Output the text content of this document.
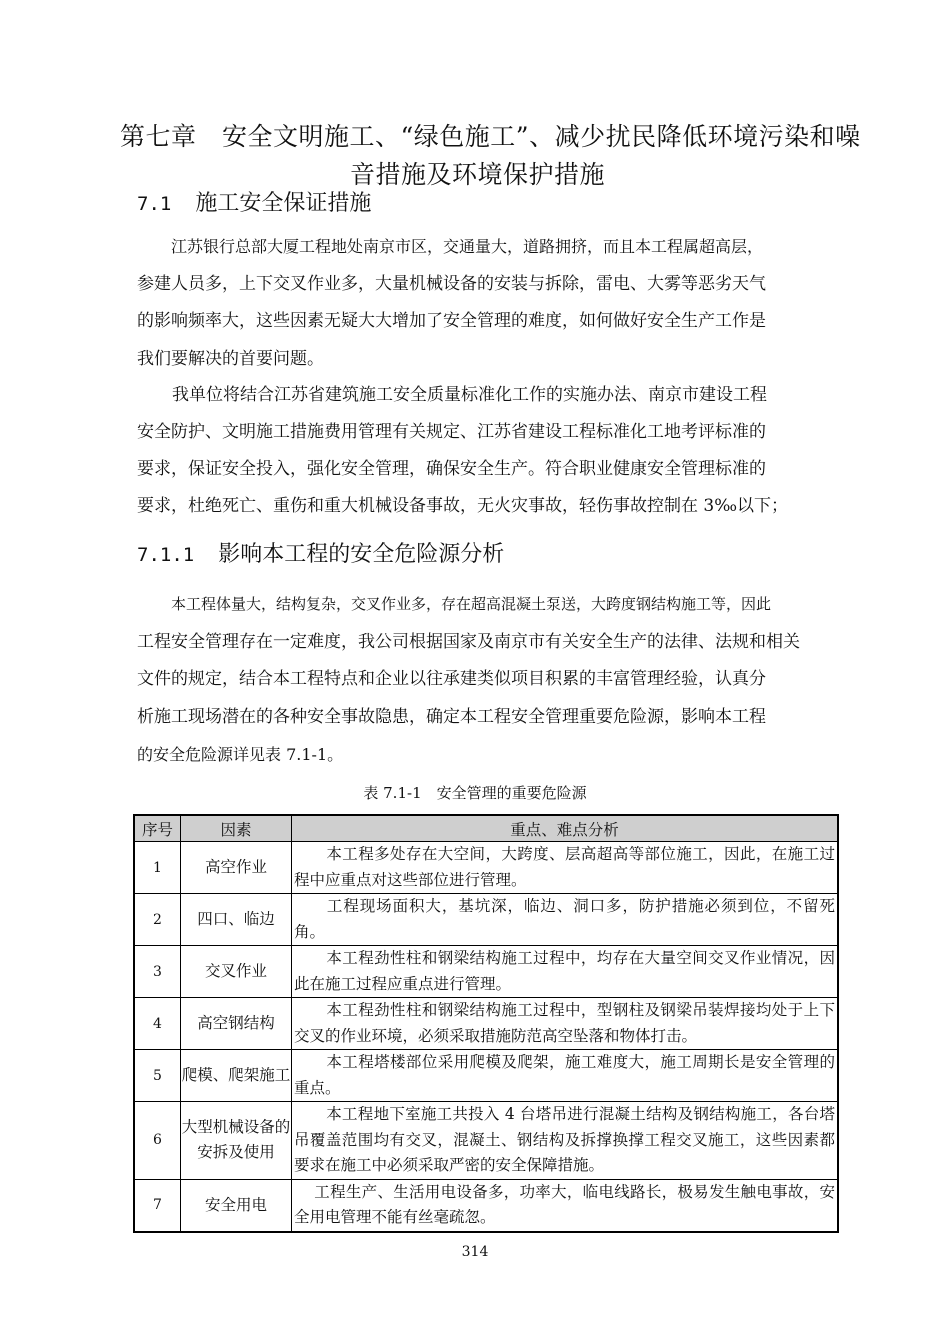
第七章　安全文明施工、“绿色施工”、减少扰民降低环境污染和噪
音措施及环境保护措施
7.1 施工安全保证措施
江苏银行总部大厦工程地处南京市区，交通量大，道路拥挤，而且本工程属超高层，
参建人员多，上下交叉作业多，大量机械设备的安装与拆除，雷电、大雾等恶劣天气
的影响频率大，这些因素无疑大大增加了安全管理的难度，如何做好安全生产工作是
我们要解决的首要问题。
　我单位将结合江苏省建筑施工安全质量标准化工作的实施办法、南京市建设工程
安全防护、文明施工措施费用管理有关规定、江苏省建设工程标准化工地考评标准的
要求，保证安全投入，强化安全管理，确保安全生产。符合职业健康安全管理标准的
要求，杜绝死亡、重伤和重大机械设备事故，无火灾事故，轻伤事故控制在 3‰以下；
7.1.1 影响本工程的安全危险源分析
本工程体量大，结构复杂，交叉作业多，存在超高混凝土泵送，大跨度钢结构施工等，因此
工程安全管理存在一定难度，我公司根据国家及南京市有关安全生产的法律、法规和相关
文件的规定，结合本工程特点和企业以往承建类似项目积累的丰富管理经验，认真分
析施工现场潜在的各种安全事故隐患，确定本工程安全管理重要危险源，影响本工程
的安全危险源详见表 7.1-1。
表 7.1-1　安全管理的重要危险源
序号	因素	重点、难点分析
1	高空作业	本工程多处存在大空间，大跨度、层高超高等部位施工，因此，在施工过程中应重点对这些部位进行管理。
2	四口、临边	工程现场面积大，基坑深，临边、洞口多，防护措施必须到位，不留死角。
3	交叉作业	本工程劲性柱和钢梁结构施工过程中，均存在大量空间交叉作业情况，因此在施工过程应重点进行管理。
4	高空钢结构	本工程劲性柱和钢梁结构施工过程中，型钢柱及钢梁吊装焊接均处于上下交叉的作业环境，必须采取措施防范高空坠落和物体打击。
5	爬模、爬架施工	本工程塔楼部位采用爬模及爬架，施工难度大，施工周期长是安全管理的重点。
6	大型机械设备的安拆及使用	本工程地下室施工共投入 4 台塔吊进行混凝土结构及钢结构施工，各台塔吊覆盖范围均有交叉，混凝土、钢结构及拆撑换撑工程交叉施工，这些因素都要求在施工中必须采取严密的安全保障措施。
7	安全用电	工程生产、生活用电设备多，功率大，临电线路长，极易发生触电事故，安全用电管理不能有丝毫疏忽。
314
